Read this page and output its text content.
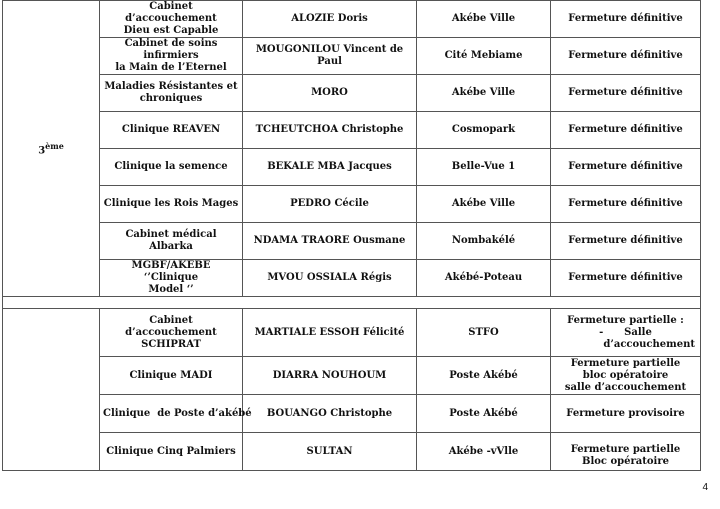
3ème	Cabinet d’accouchement
Dieu est Capable	ALOZIE Doris	Akébe Ville	Fermeture définitive

	Cabinet de soins infirmiers
la Main de l’Eternel	MOUGONILOU Vincent de Paul	Cité Mebiame	Fermeture définitive

	Maladies Résistantes et
chroniques	MORO	Akébe Ville	Fermeture définitive
	Clinique REAVEN	TCHEUTCHOA Christophe	Cosmopark	Fermeture définitive
	Clinique la semence	BEKALE MBA Jacques	Belle-Vue 1	Fermeture définitive
	Clinique les Rois Mages	PEDRO Cécile	Akébe Ville	Fermeture définitive
	Cabinet médical Albarka	NDAMA TRAORE Ousmane	Nombakélé	Fermeture définitive

	MGBF/AKEBE ‘’Clinique
Model ‘’	MVOU OSSIALA Régis	Akébé-Poteau	Fermeture définitive

	Cabinet d’accouchement
SCHIPRAT	MARTIALE ESSOH Félicité	STFO	Fermeture partielle :
-      Salle
d’accouchement

	Clinique MADI	DIARRA NOUHOUM	Poste Akébé	Fermeture partielle
bloc opératoire
salle d’accouchement

	Clinique  de Poste d’akébé	BOUANGO Christophe	Poste Akébé	Fermeture provisoire
	Clinique Cinq Palmiers	SULTAN	Akébe -vVlle	Fermeture partielle
Bloc opératoire
4
